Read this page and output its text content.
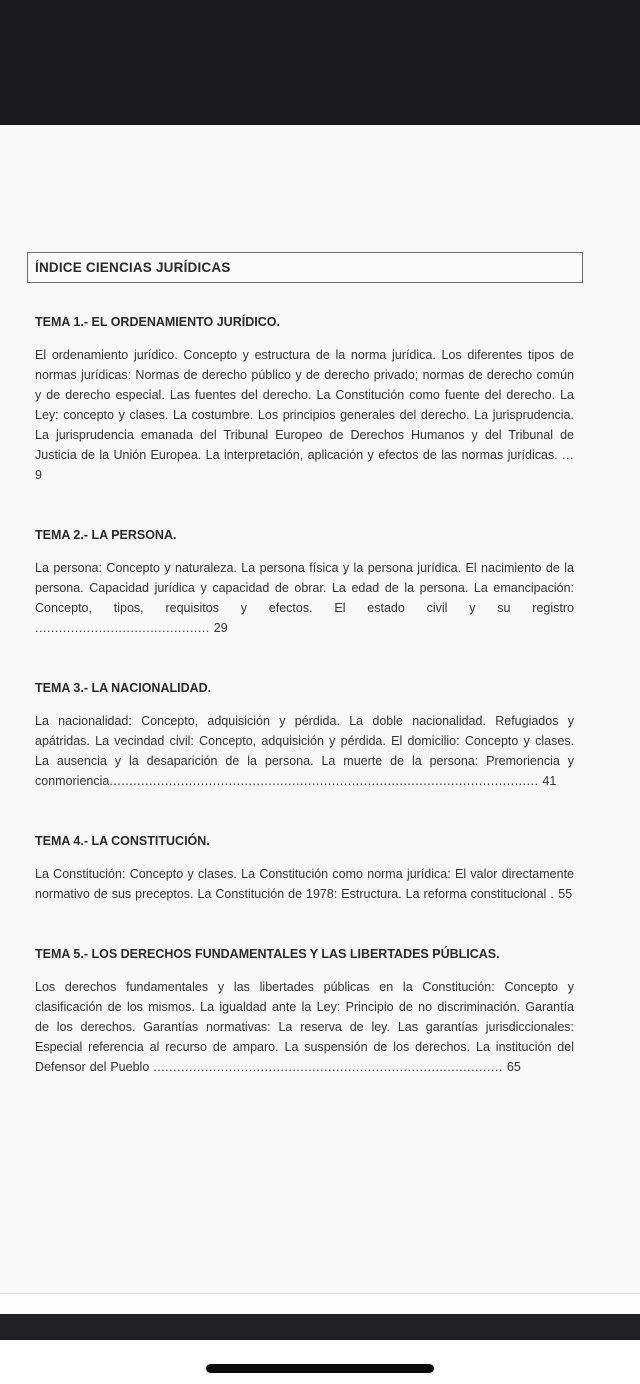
ÍNDICE CIENCIAS JURÍDICAS
TEMA 1.- EL ORDENAMIENTO JURÍDICO.

El ordenamiento jurídico. Concepto y estructura de la norma jurídica. Los diferentes tipos de normas jurídicas: Normas de derecho público y de derecho privado; normas de derecho común y de derecho especial. Las fuentes del derecho. La Constitución como fuente del derecho. La Ley: concepto y clases. La costumbre. Los principios generales del derecho. La jurisprudencia. La jurisprudencia emanada del Tribunal Europeo de Derechos Humanos y del Tribunal de Justicia de la Unión Europea. La interpretación, aplicación y efectos de las normas jurídicas. ... 9

TEMA 2.- LA PERSONA.

La persona: Concepto y naturaleza. La persona física y la persona jurídica. El nacimiento de la persona. Capacidad jurídica y capacidad de obrar. La edad de la persona. La emancipación: Concepto, tipos, requisitos y efectos. El estado civil y su registro ............................................ 29

TEMA 3.- LA NACIONALIDAD.

La nacionalidad: Concepto, adquisición y pérdida. La doble nacionalidad. Refugiados y apátridas. La vecindad civil: Concepto, adquisición y pérdida. El domicilio: Concepto y clases. La ausencia y la desaparición de la persona. La muerte de la persona: Premoriencia y conmoriencia............................................................................................................ 41

TEMA 4.- LA CONSTITUCIÓN.

La Constitución: Concepto y clases. La Constitución como norma jurídica: El valor directamente normativo de sus preceptos. La Constitución de 1978: Estructura. La reforma constitucional . 55

TEMA 5.- LOS DERECHOS FUNDAMENTALES Y LAS LIBERTADES PÚBLICAS.

Los derechos fundamentales y las libertades públicas en la Constitución: Concepto y clasificación de los mismos. La igualdad ante la Ley: Principio de no discriminación. Garantía de los derechos. Garantías normativas: La reserva de ley. Las garantías jurisdiccionales: Especial referencia al recurso de amparo. La suspensión de los derechos. La institución del Defensor del Pueblo ........................................................................................ 65
